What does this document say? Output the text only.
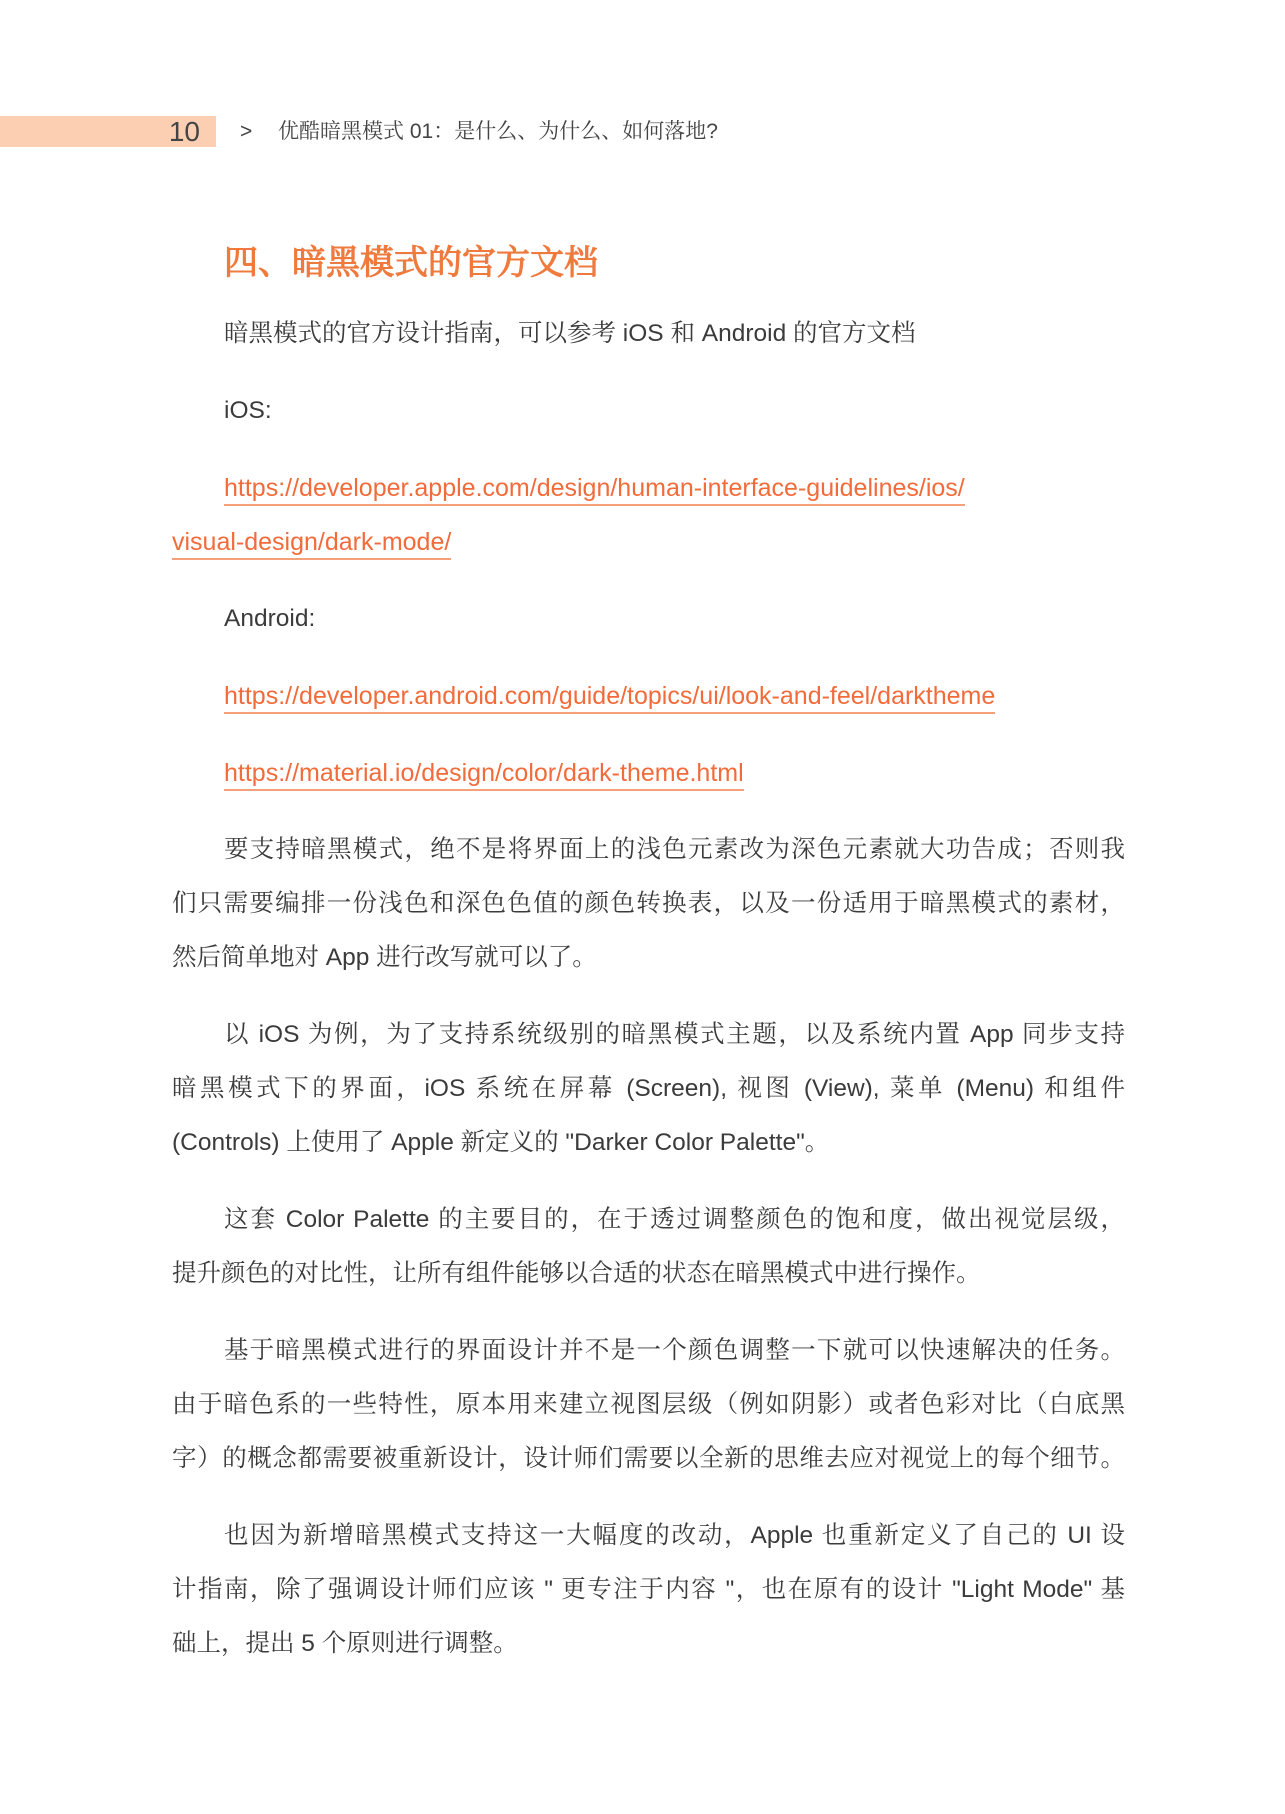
10 > 优酷暗黑模式 01：是什么、为什么、如何落地?
四、暗黑模式的官方文档
暗黑模式的官方设计指南，可以参考 iOS 和 Android 的官方文档
iOS:
https://developer.apple.com/design/human-interface-guidelines/ios/
visual-design/dark-mode/
Android:
https://developer.android.com/guide/topics/ui/look-and-feel/darktheme
https://material.io/design/color/dark-theme.html
要支持暗黑模式，绝不是将界面上的浅色元素改为深色元素就大功告成；否则我
们只需要编排一份浅色和深色色值的颜色转换表，以及一份适用于暗黑模式的素材，
然后简单地对 App 进行改写就可以了。
以 iOS 为例，为了支持系统级别的暗黑模式主题，以及系统内置 App 同步支持
暗黑模式下的界面，iOS 系统在屏幕 (Screen), 视图 (View), 菜单 (Menu) 和组件
(Controls) 上使用了 Apple 新定义的 "Darker Color Palette"。
这套 Color Palette 的主要目的，在于透过调整颜色的饱和度，做出视觉层级，
提升颜色的对比性，让所有组件能够以合适的状态在暗黑模式中进行操作。
基于暗黑模式进行的界面设计并不是一个颜色调整一下就可以快速解决的任务。
由于暗色系的一些特性，原本用来建立视图层级（例如阴影）或者色彩对比（白底黑
字）的概念都需要被重新设计，设计师们需要以全新的思维去应对视觉上的每个细节。
也因为新增暗黑模式支持这一大幅度的改动，Apple 也重新定义了自己的 UI 设
计指南，除了强调设计师们应该 " 更专注于内容 "，也在原有的设计 "Light Mode" 基
础上，提出 5 个原则进行调整。
